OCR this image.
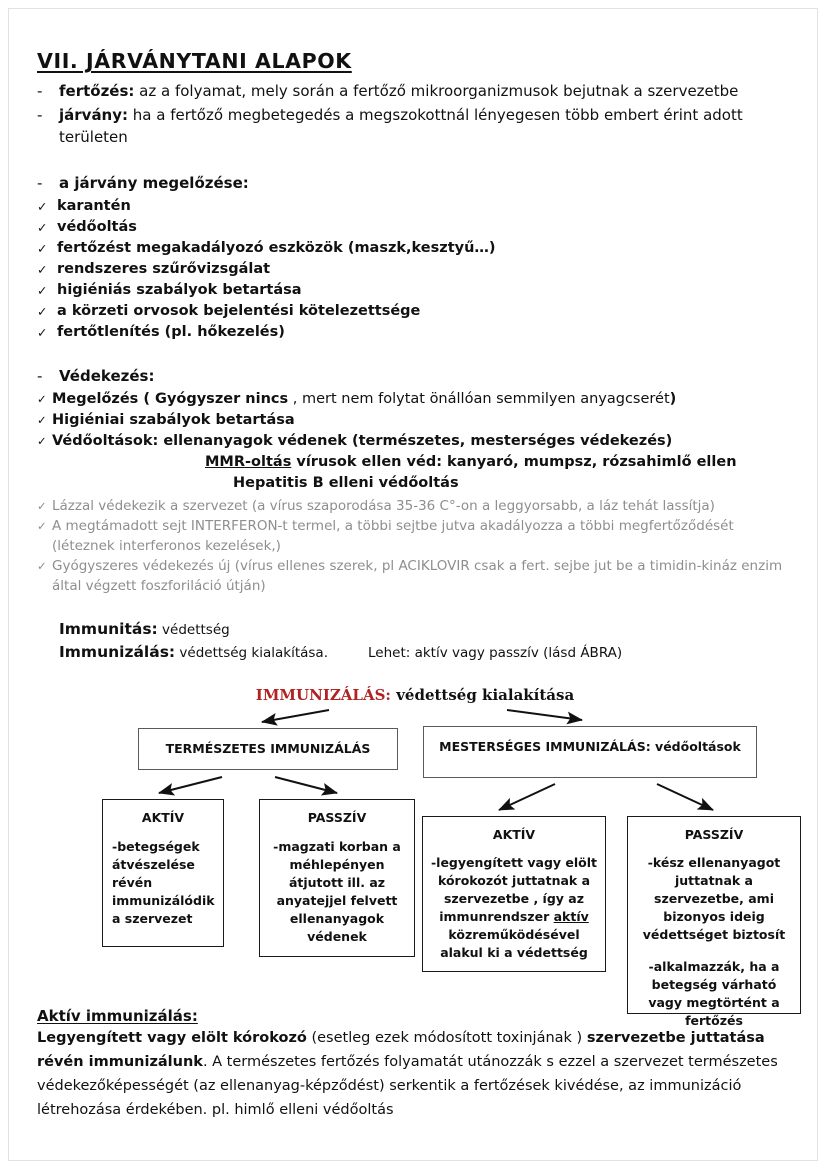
VII. JÁRVÁNYTANI ALAPOK
-	fertőzés: az a folyamat, mely során a fertőző mikroorganizmusok bejutnak a szervezetbe
-	járvány: ha a fertőző megbetegedés a megszokottnál lényegesen több embert érint adott területen
-	a járvány megelőzése:
✓ karantén
✓ védőoltás
✓ fertőzést megakadályozó eszközök (maszk,kesztyű…)
✓ rendszeres szűrővizsgálat
✓ higiéniás szabályok betartása
✓ a körzeti orvosok bejelentési kötelezettsége
✓ fertőtlenítés (pl. hőkezelés)
-	Védekezés:
✓ Megelőzés ( Gyógyszer nincs , mert nem folytat önállóan semmilyen anyagcserét)
✓ Higiéniai szabályok betartása
✓ Védőoltások: ellenanyagok védenek (természetes, mesterséges védekezés)
MMR-oltás vírusok ellen véd: kanyaró, mumpsz, rózsahimlő ellen
Hepatitis B elleni védőoltás
✓ Lázzal védekezik a szervezet (a vírus szaporodása 35-36 C°-on a leggyorsabb, a láz tehát lassítja)
✓ A megtámadott sejt INTERFERON-t termel, a többi sejtbe jutva akadályozza a többi megfertőződését (léteznek interferonos kezelések,)
✓ Gyógyszeres védekezés új (vírus ellenes szerek, pl ACIKLOVIR csak a fert. sejbe jut be a timidin-kináz enzim által végzett foszforiláció útján)
Immunitás: védettség
Immunizálás: védettség kialakítása.	Lehet: aktív vagy passzív (lásd ÁBRA)
IMMUNIZÁLÁS: védettség kialakítása
TERMÉSZETES IMMUNIZÁLÁS	MESTERSÉGES IMMUNIZÁLÁS: védőoltások
AKTÍV
-betegségek átvészelése révén immunizálódik a szervezet
PASSZÍV
-magzati korban a méhlepényen átjutott ill. az anyatejjel felvett ellenanyagok védenek
AKTÍV
-legyengített vagy elölt kórokozót juttatnak a szervezetbe , így az immunrendszer aktív közreműködésével alakul ki a védettség
PASSZÍV
-kész ellenanyagot juttatnak a szervezetbe, ami bizonyos ideig védettséget biztosít
-alkalmazzák, ha a betegség várható vagy megtörtént a fertőzés
Aktív immunizálás:
Legyengített vagy elölt kórokozó (esetleg ezek módosított toxinjának ) szervezetbe juttatása révén immunizálunk. A természetes fertőzés folyamatát utánozzák s ezzel a szervezet természetes védekezőképességét (az ellenanyag-képződést) serkentik a fertőzések kivédése, az immunizáció létrehozása érdekében. pl. himlő elleni védőoltás
